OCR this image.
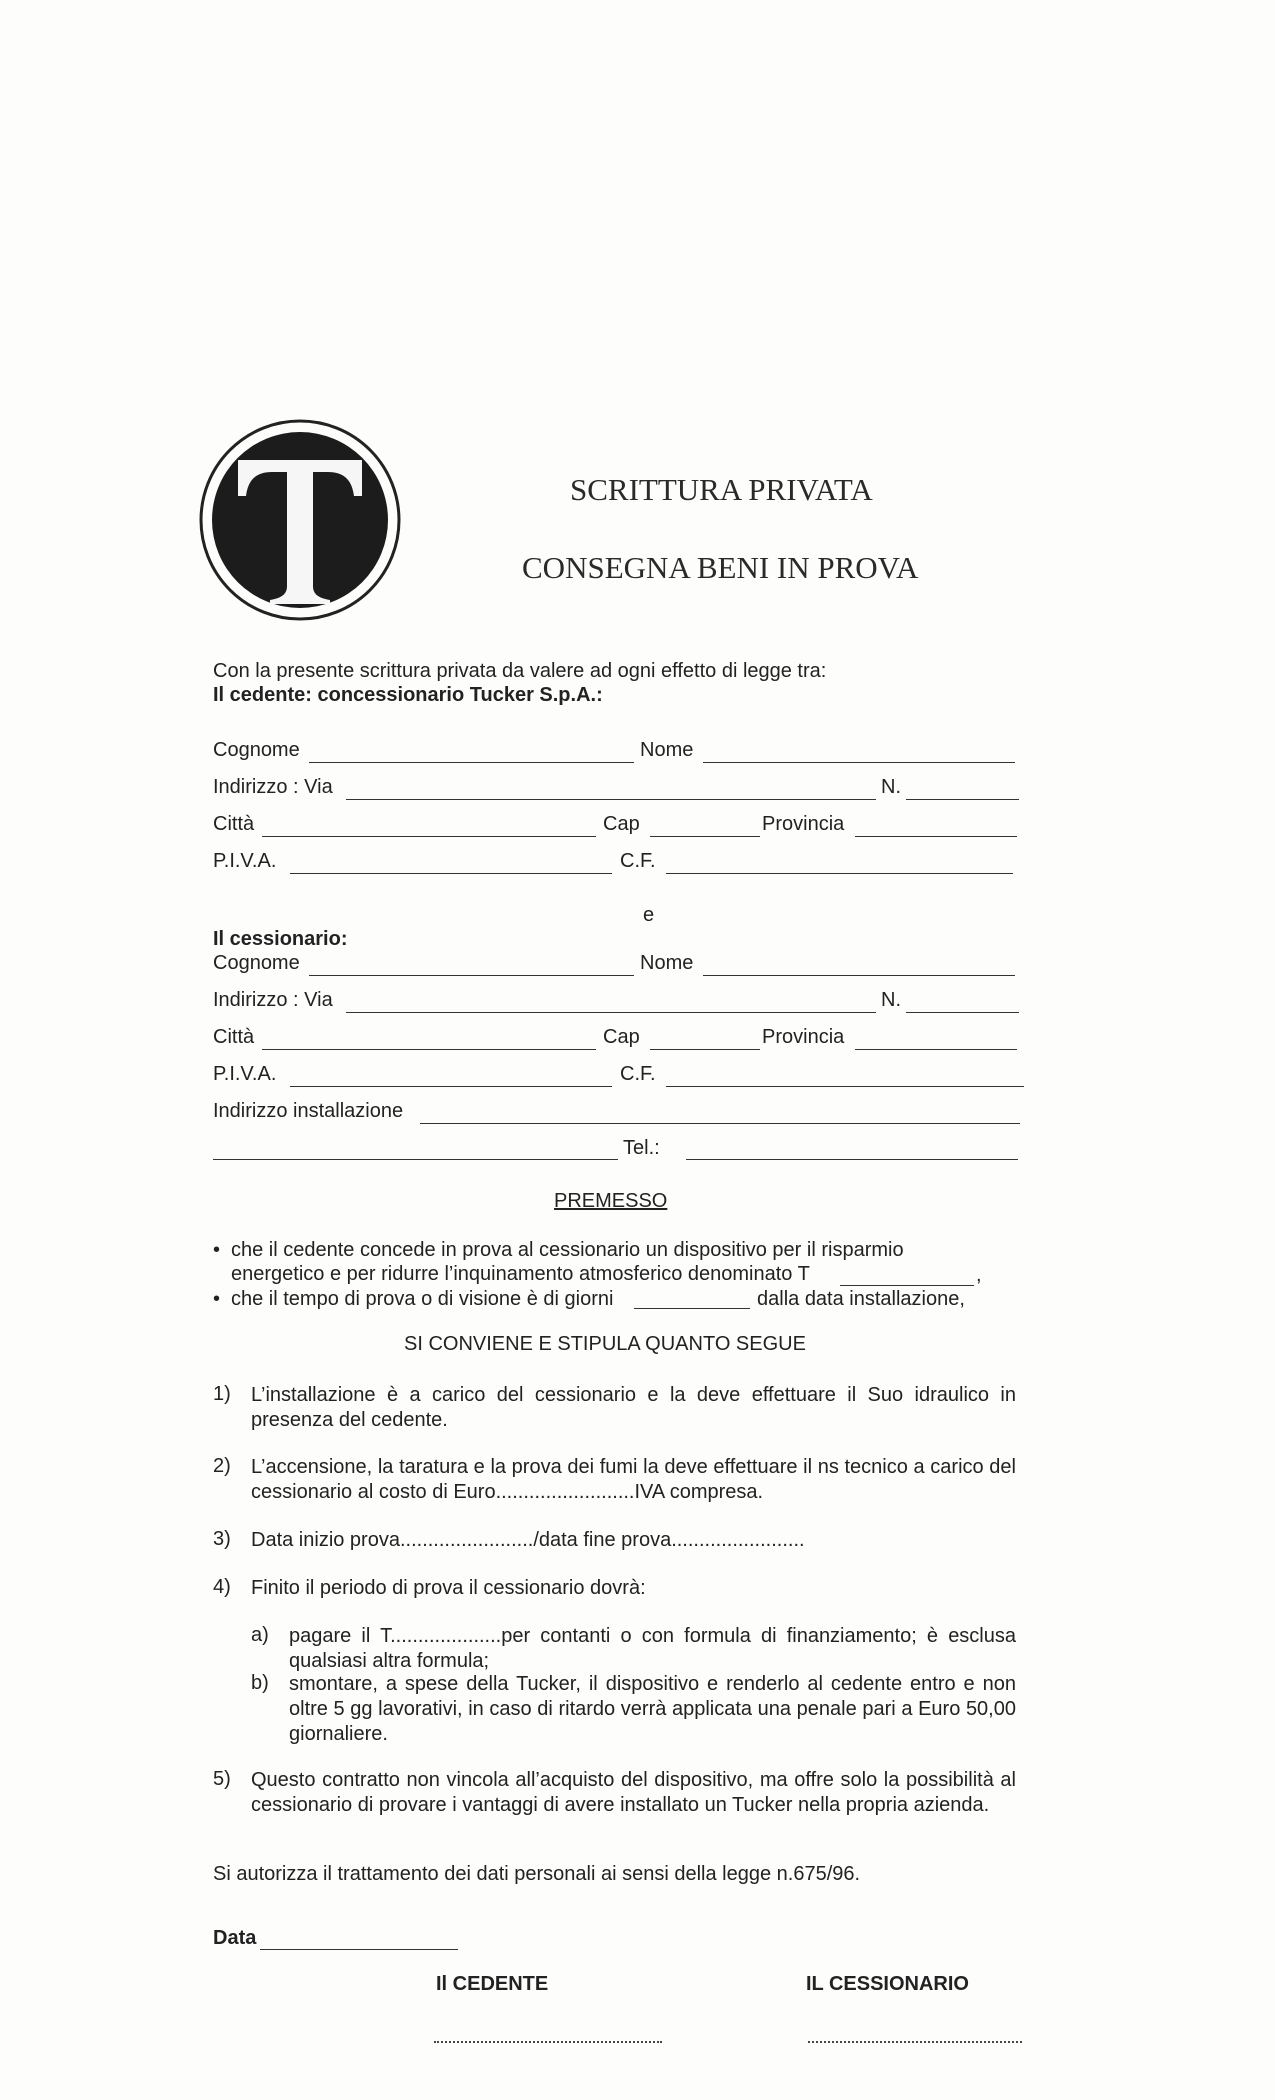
SCRITTURA PRIVATA
CONSEGNA BENI IN PROVA
Con la presente scrittura privata da valere ad ogni effetto di legge tra:
Il cedente: concessionario Tucker S.p.A.:
Cognome	Nome
Indirizzo : Via	N.
Città	Cap	Provincia
P.I.V.A.	C.F.
e
Il cessionario:
Cognome	Nome
Indirizzo : Via	N.
Città	Cap	Provincia
P.I.V.A.	C.F.
Indirizzo installazione
Tel.:
PREMESSO
• che il cedente concede in prova al cessionario un dispositivo per il risparmio
energetico e per ridurre l’inquinamento atmosferico denominato T	,
• che il tempo di prova o di visione è di giorni	dalla data installazione,
SI CONVIENE E STIPULA QUANTO SEGUE
1) L’installazione è a carico del cessionario e la deve effettuare il Suo idraulico in presenza del cedente.
2) L’accensione, la taratura e la prova dei fumi la deve effettuare il ns tecnico a carico del cessionario al costo di Euro.........................IVA compresa.
3) Data inizio prova......................../data fine prova........................
4) Finito il periodo di prova il cessionario dovrà:
a) pagare il T....................per contanti o con formula di finanziamento; è esclusa qualsiasi altra formula;
b) smontare, a spese della Tucker, il dispositivo e renderlo al cedente entro e non oltre 5 gg lavorativi, in caso di ritardo verrà applicata una penale pari a Euro 50,00 giornaliere.
5) Questo contratto non vincola all’acquisto del dispositivo, ma offre solo la possibilità al cessionario di provare i vantaggi di avere installato un Tucker nella propria azienda.
Si autorizza il trattamento dei dati personali ai sensi della legge n.675/96.
Data
Il CEDENTE	IL CESSIONARIO
